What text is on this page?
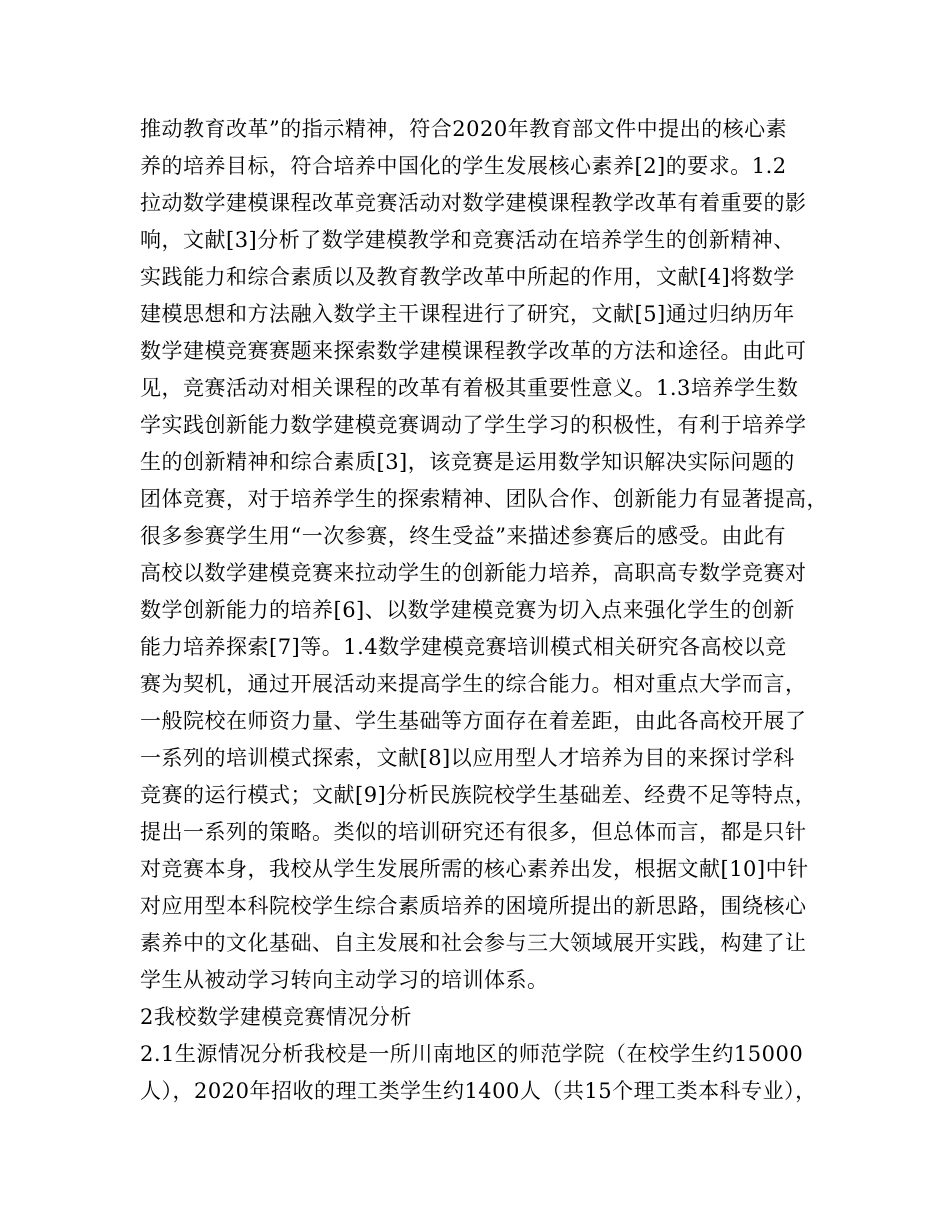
推动教育改革”的指示精神，符合2020年教育部文件中提出的核心素
养的培养目标，符合培养中国化的学生发展核心素养[2]的要求。1.2
拉动数学建模课程改革竞赛活动对数学建模课程教学改革有着重要的影
响，文献[3]分析了数学建模教学和竞赛活动在培养学生的创新精神、
实践能力和综合素质以及教育教学改革中所起的作用，文献[4]将数学
建模思想和方法融入数学主干课程进行了研究，文献[5]通过归纳历年
数学建模竞赛赛题来探索数学建模课程教学改革的方法和途径。由此可
见，竞赛活动对相关课程的改革有着极其重要性意义。1.3培养学生数
学实践创新能力数学建模竞赛调动了学生学习的积极性，有利于培养学
生的创新精神和综合素质[3]，该竞赛是运用数学知识解决实际问题的
团体竞赛，对于培养学生的探索精神、团队合作、创新能力有显著提高，
很多参赛学生用“一次参赛，终生受益”来描述参赛后的感受。由此有
高校以数学建模竞赛来拉动学生的创新能力培养，高职高专数学竞赛对
数学创新能力的培养[6]、以数学建模竞赛为切入点来强化学生的创新
能力培养探索[7]等。1.4数学建模竞赛培训模式相关研究各高校以竞
赛为契机，通过开展活动来提高学生的综合能力。相对重点大学而言，
一般院校在师资力量、学生基础等方面存在着差距，由此各高校开展了
一系列的培训模式探索，文献[8]以应用型人才培养为目的来探讨学科
竞赛的运行模式；文献[9]分析民族院校学生基础差、经费不足等特点，
提出一系列的策略。类似的培训研究还有很多，但总体而言，都是只针
对竞赛本身，我校从学生发展所需的核心素养出发，根据文献[10]中针
对应用型本科院校学生综合素质培养的困境所提出的新思路，围绕核心
素养中的文化基础、自主发展和社会参与三大领域展开实践，构建了让
学生从被动学习转向主动学习的培训体系。
2我校数学建模竞赛情况分析
2.1生源情况分析我校是一所川南地区的师范学院（在校学生约15000
人），2020年招收的理工类学生约1400人（共15个理工类本科专业），
